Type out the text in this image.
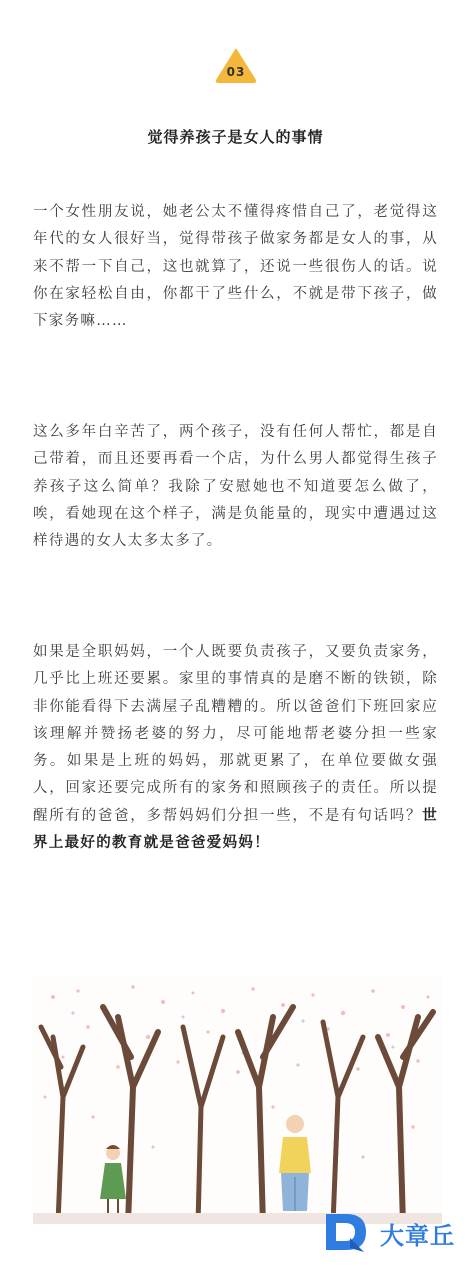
03
觉得养孩子是女人的事情

一个女性朋友说，她老公太不懂得疼惜自己了，老觉得这年代的女人很好当，觉得带孩子做家务都是女人的事，从来不帮一下自己，这也就算了，还说一些很伤人的话。说你在家轻松自由，你都干了些什么，不就是带下孩子，做下家务嘛……

这么多年白辛苦了，两个孩子，没有任何人帮忙，都是自己带着，而且还要再看一个店，为什么男人都觉得生孩子养孩子这么简单？我除了安慰她也不知道要怎么做了，唉，看她现在这个样子，满是负能量的，现实中遭遇过这样待遇的女人太多太多了。

如果是全职妈妈，一个人既要负责孩子，又要负责家务，几乎比上班还要累。家里的事情真的是磨不断的铁锁，除非你能看得下去满屋子乱糟糟的。所以爸爸们下班回家应该理解并赞扬老婆的努力，尽可能地帮老婆分担一些家务。如果是上班的妈妈，那就更累了，在单位要做女强人，回家还要完成所有的家务和照顾孩子的责任。所以提醒所有的爸爸，多帮妈妈们分担一些，不是有句话吗？世界上最好的教育就是爸爸爱妈妈！

大章丘
